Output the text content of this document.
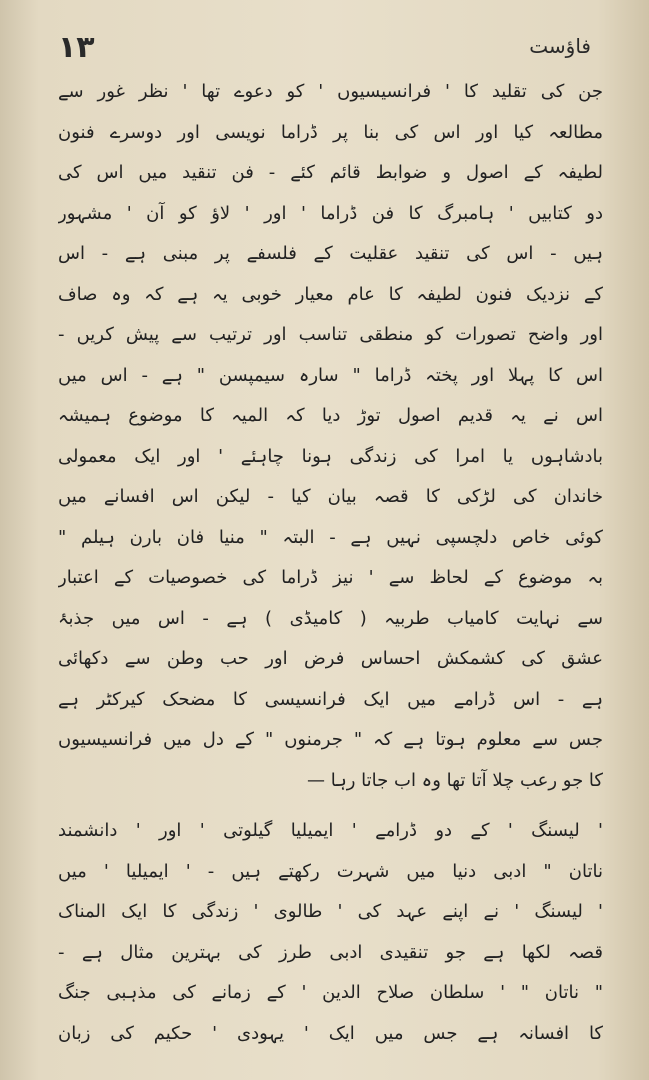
۱۳	فاؤست
جن کی تقلید کا ' فرانسیسیوں ' کو دعوے تھا ' نظر غور سے
مطالعہ کیا اور اس کی بنا پر ڈراما نویسی اور دوسرے فنون
لطیفہ کے اصول و ضوابط قائم کئے - فن تنقید میں اس کی
دو کتابیں ' ہامبرگ کا فن ڈراما ' اور ' لاؤ کو آن ' مشہور
ہیں - اس کی تنقید عقلیت کے فلسفے پر مبنی ہے - اس
کے نزدیک فنون لطیفہ کا عام معیار خوبی یہ ہے کہ وہ صاف
اور واضح تصورات کو منطقی تناسب اور ترتیب سے پیش کریں -
اس کا پہلا اور پختہ ڈراما " سارہ سیمپسن " ہے - اس میں
اس نے یہ قدیم اصول توڑ دیا کہ المیہ کا موضوع ہمیشہ
بادشاہوں یا امرا کی زندگی ہونا چاہئے ' اور ایک معمولی
خاندان کی لڑکی کا قصہ بیان کیا - لیکن اس افسانے میں
کوئی خاص دلچسپی نہیں ہے - البتہ " منیا فان بارن ہیلم "
بہ موضوع کے لحاظ سے ' نیز ڈراما کی خصوصیات کے اعتبار
سے نہایت کامیاب طربیہ ( کامیڈی ) ہے - اس میں جذبۂ
عشق کی کشمکش احساس فرض اور حب وطن سے دکھائی
ہے - اس ڈرامے میں ایک فرانسیسی کا مضحک کیرکٹر ہے
جس سے معلوم ہوتا ہے کہ " جرمنوں " کے دل میں فرانسیسیوں
کا جو رعب چلا آتا تھا وہ اب جاتا رہا —
' لیسنگ ' کے دو ڈرامے ' ایمیلیا گیلوتی ' اور ' دانشمند
ناتان " ادبی دنیا میں شہرت رکھتے ہیں - ' ایمیلیا ' میں
' لیسنگ ' نے اپنے عہد کی ' طالوی ' زندگی کا ایک المناک
قصہ لکھا ہے جو تنقیدی ادبی طرز کی بہترین مثال ہے -
" ناتان " ' سلطان صلاح الدین ' کے زمانے کی مذہبی جنگ
کا افسانہ ہے جس میں ایک ' یہودی ' حکیم کی زبان
